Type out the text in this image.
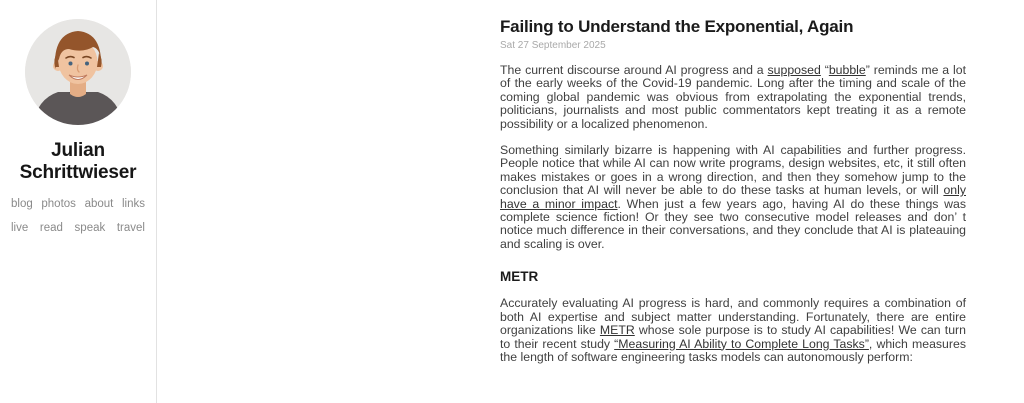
Julian
Schrittwieser
blog photos about links
live read speak travel
Failing to Understand the Exponential, Again
Sat 27 September 2025

The current discourse around AI progress and a supposed “bubble” reminds me a lot of the early weeks of the Covid-19 pandemic. Long after the timing and scale of the coming global pandemic was obvious from extrapolating the exponential trends, politicians, journalists and most public commentators kept treating it as a remote possibility or a localized phenomenon.

Something similarly bizarre is happening with AI capabilities and further progress. People notice that while AI can now write programs, design websites, etc, it still often makes mistakes or goes in a wrong direction, and then they somehow jump to the conclusion that AI will never be able to do these tasks at human levels, or will only have a minor impact. When just a few years ago, having AI do these things was complete science fiction! Or they see two consecutive model releases and don’ t notice much difference in their conversations, and they conclude that AI is plateauing and scaling is over.

METR

Accurately evaluating AI progress is hard, and commonly requires a combination of both AI expertise and subject matter understanding. Fortunately, there are entire organizations like METR whose sole purpose is to study AI capabilities! We can turn to their recent study “Measuring AI Ability to Complete Long Tasks”, which measures the length of software engineering tasks models can autonomously perform:
